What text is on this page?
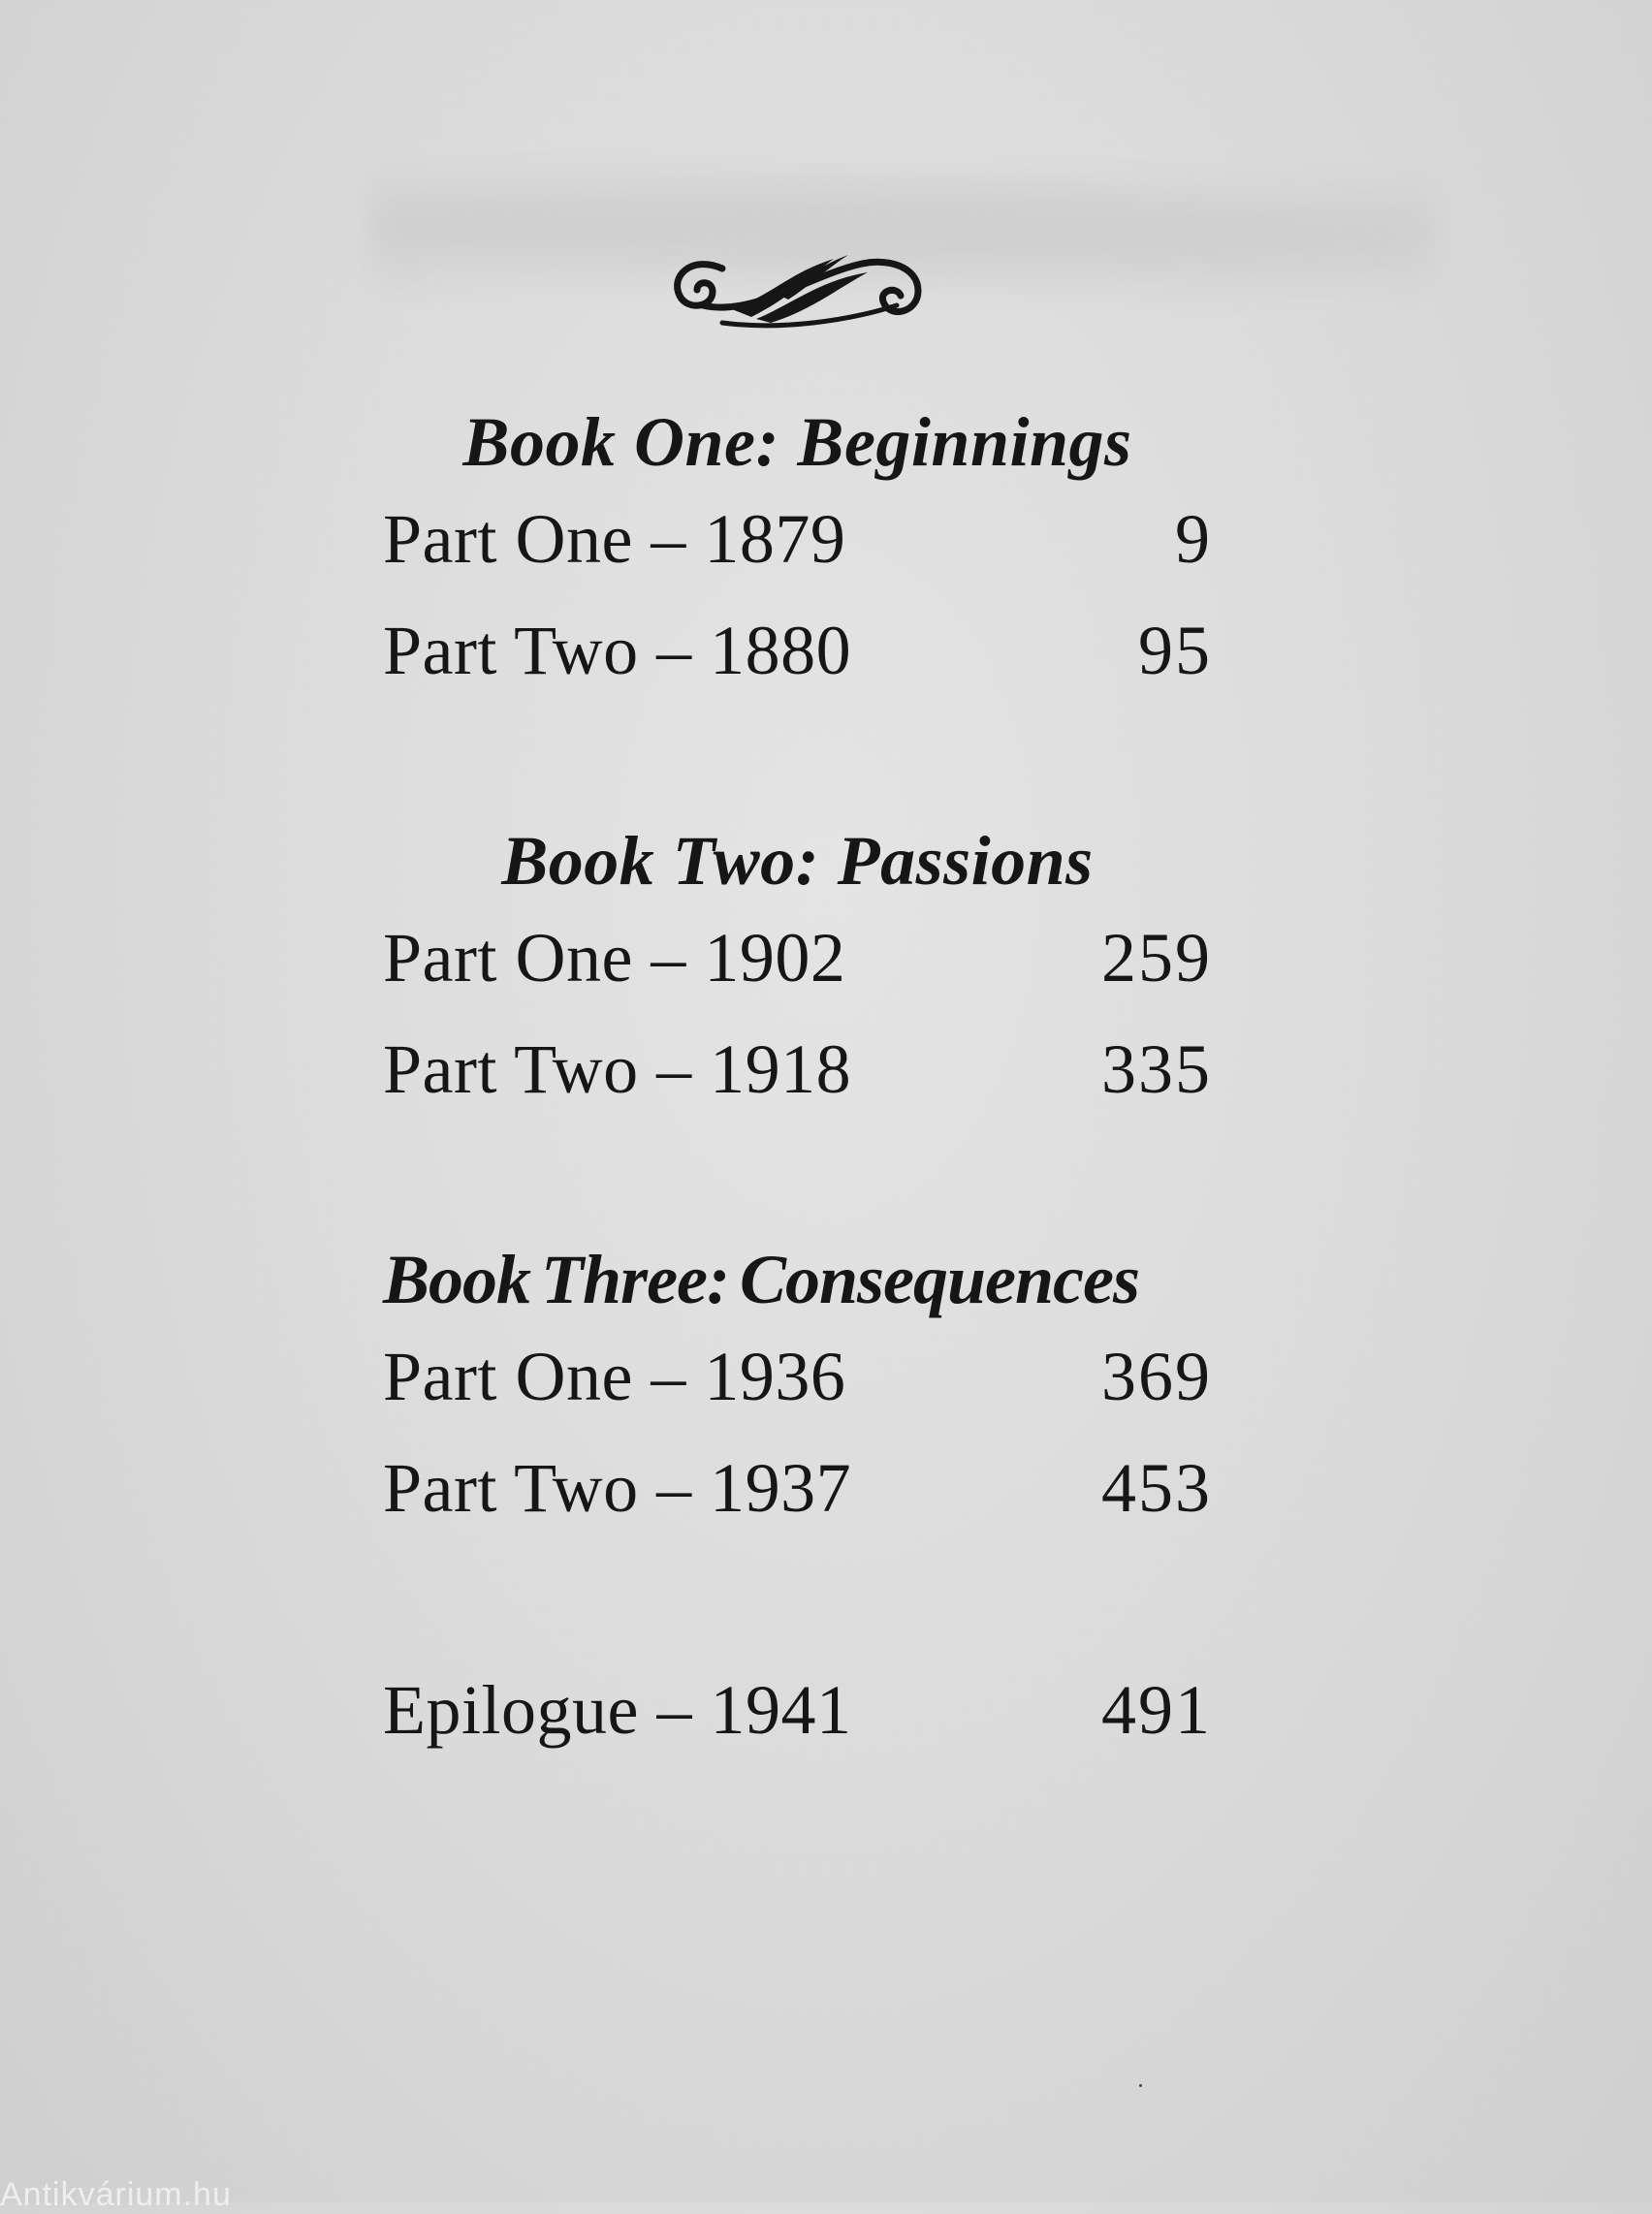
Book One: Beginnings
Part One – 1879	9
Part Two – 1880	95
Book Two: Passions
Part One – 1902	259
Part Two – 1918	335
Book Three: Consequences
Part One – 1936	369
Part Two – 1937	453
Epilogue – 1941	491
Antikvárium.hu
